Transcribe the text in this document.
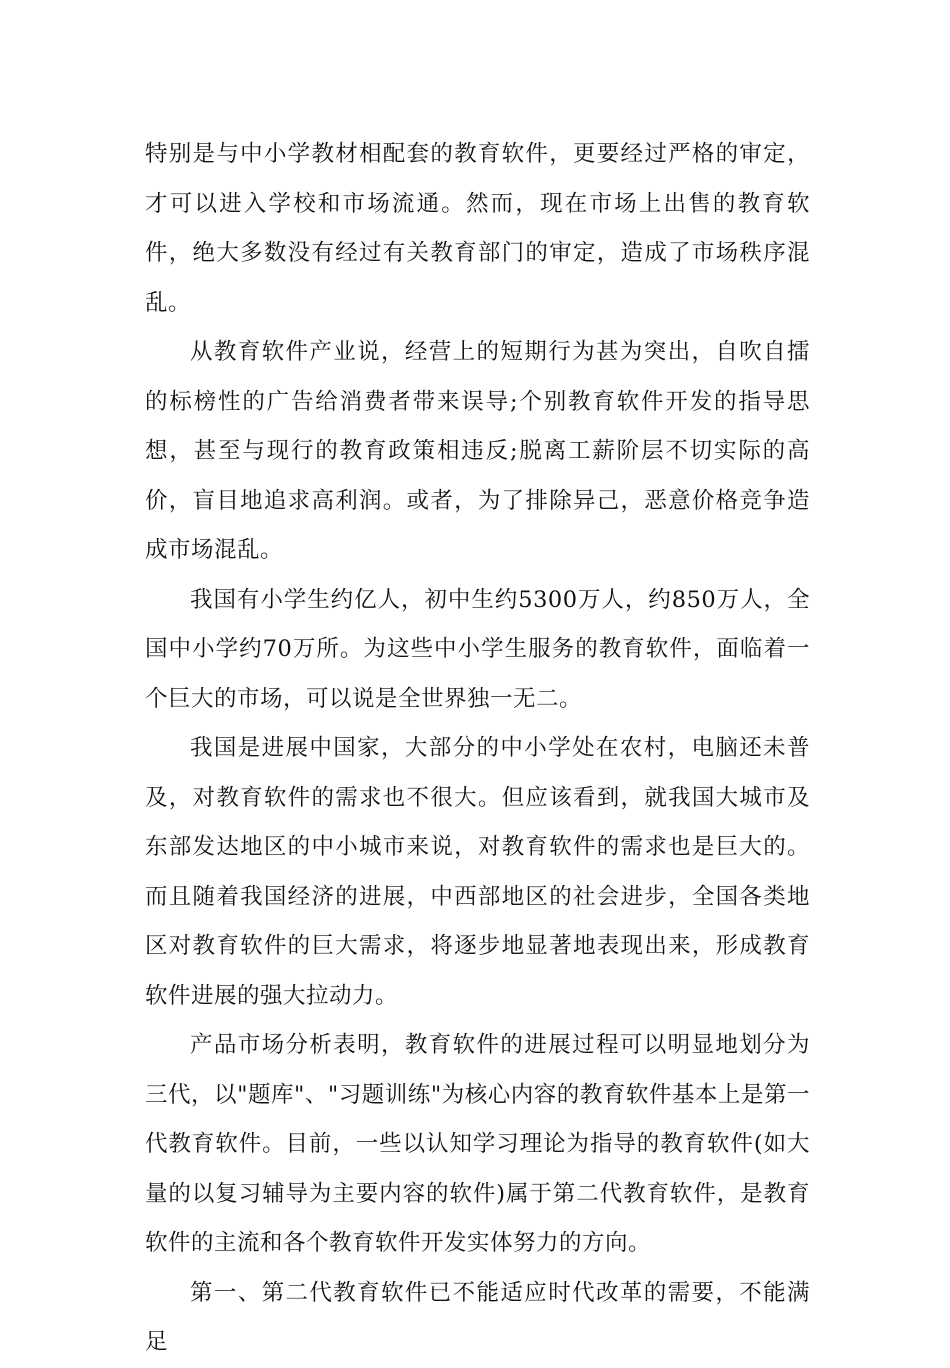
特别是与中小学教材相配套的教育软件，更要经过严格的审定，才可以进入学校和市场流通。然而，现在市场上出售的教育软件，绝大多数没有经过有关教育部门的审定，造成了市场秩序混乱。

从教育软件产业说，经营上的短期行为甚为突出，自吹自擂的标榜性的广告给消费者带来误导;个别教育软件开发的指导思想，甚至与现行的教育政策相违反;脱离工薪阶层不切实际的高价，盲目地追求高利润。或者，为了排除异己，恶意价格竞争造成市场混乱。

我国有小学生约亿人，初中生约5300万人，约850万人，全国中小学约70万所。为这些中小学生服务的教育软件，面临着一个巨大的市场，可以说是全世界独一无二。

我国是进展中国家，大部分的中小学处在农村，电脑还未普及，对教育软件的需求也不很大。但应该看到，就我国大城市及东部发达地区的中小城市来说，对教育软件的需求也是巨大的。而且随着我国经济的进展，中西部地区的社会进步，全国各类地区对教育软件的巨大需求，将逐步地显著地表现出来，形成教育软件进展的强大拉动力。

产品市场分析表明，教育软件的进展过程可以明显地划分为三代，以"题库"、"习题训练"为核心内容的教育软件基本上是第一代教育软件。目前，一些以认知学习理论为指导的教育软件(如大量的以复习辅导为主要内容的软件)属于第二代教育软件，是教育软件的主流和各个教育软件开发实体努力的方向。

第一、第二代教育软件已不能适应时代改革的需要，不能满足
